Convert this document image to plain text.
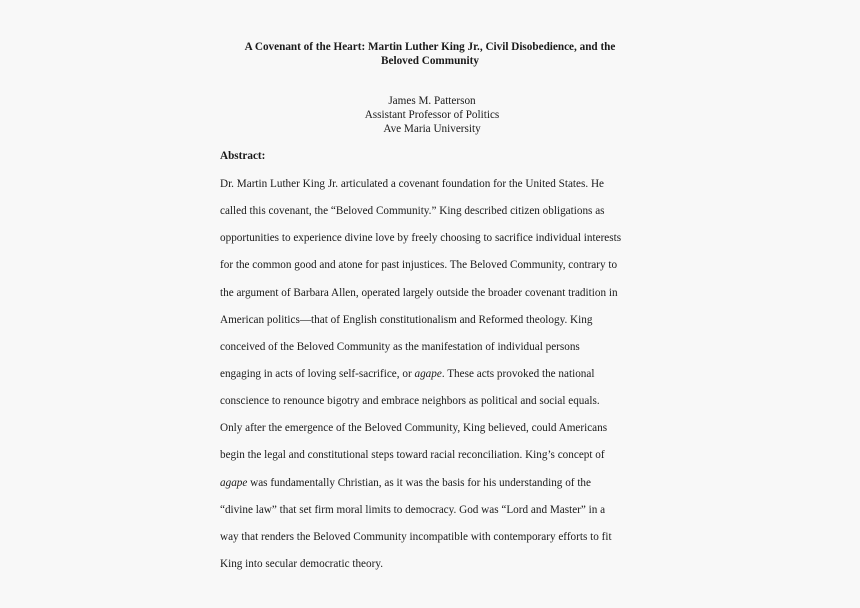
A Covenant of the Heart: Martin Luther King Jr., Civil Disobedience, and the
Beloved Community
James M. Patterson
Assistant Professor of Politics
Ave Maria University
Abstract:
Dr. Martin Luther King Jr. articulated a covenant foundation for the United States. He
called this covenant, the “Beloved Community.” King described citizen obligations as
opportunities to experience divine love by freely choosing to sacrifice individual interests
for the common good and atone for past injustices. The Beloved Community, contrary to
the argument of Barbara Allen, operated largely outside the broader covenant tradition in
American politics—that of English constitutionalism and Reformed theology. King
conceived of the Beloved Community as the manifestation of individual persons
engaging in acts of loving self-sacrifice, or agape. These acts provoked the national
conscience to renounce bigotry and embrace neighbors as political and social equals.
Only after the emergence of the Beloved Community, King believed, could Americans
begin the legal and constitutional steps toward racial reconciliation. King’s concept of
agape was fundamentally Christian, as it was the basis for his understanding of the
“divine law” that set firm moral limits to democracy. God was “Lord and Master” in a
way that renders the Beloved Community incompatible with contemporary efforts to fit
King into secular democratic theory.
